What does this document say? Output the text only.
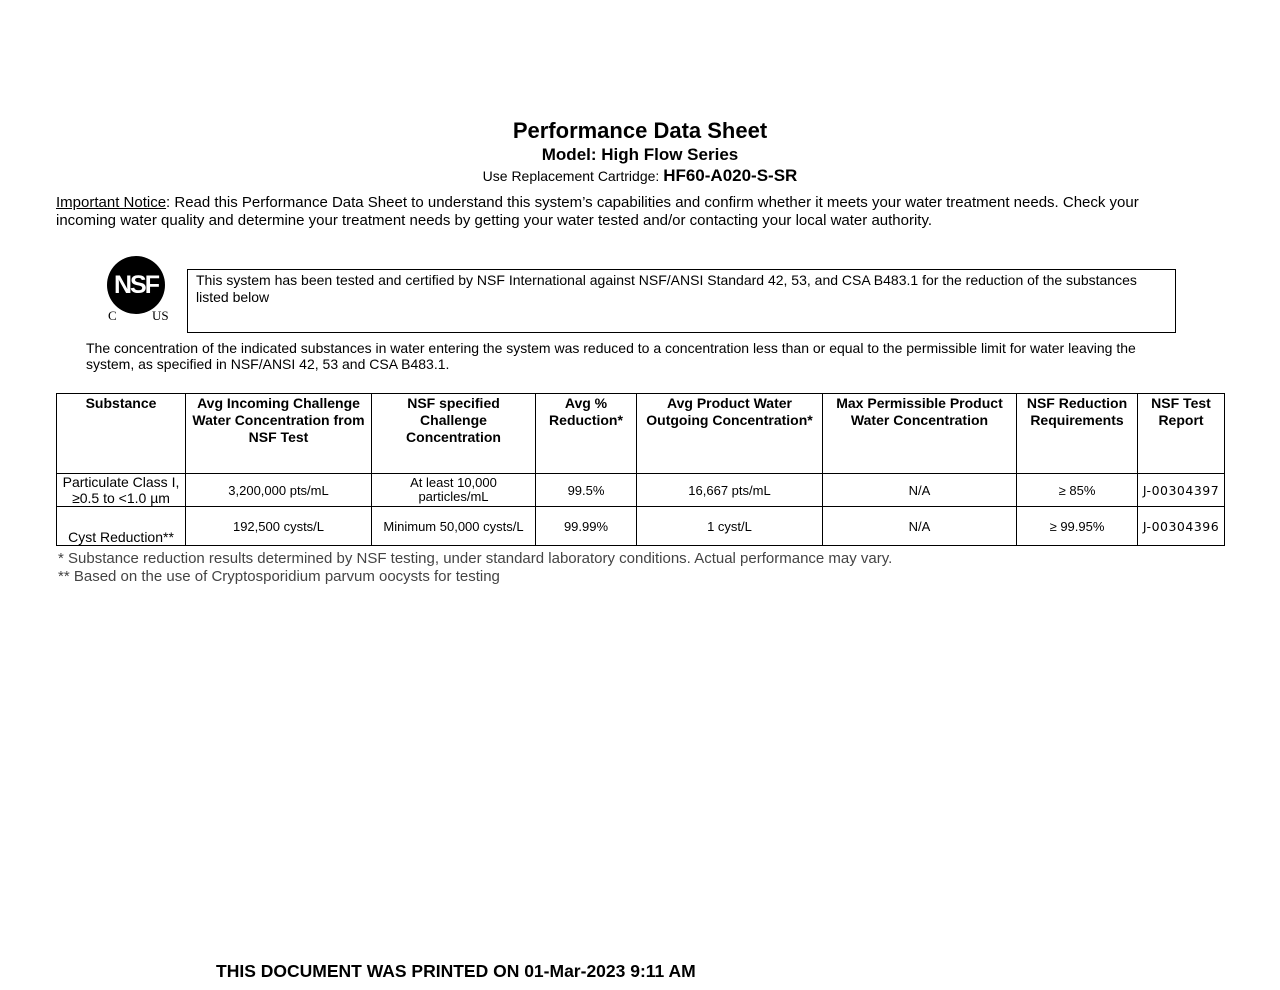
Performance Data Sheet
Model: High Flow Series
Use Replacement Cartridge: HF60-A020-S-SR
Important Notice: Read this Performance Data Sheet to understand this system’s capabilities and confirm whether it meets your water treatment needs. Check your incoming water quality and determine your treatment needs by getting your water tested and/or contacting your local water authority.
NSF
C	US
This system has been tested and certified by NSF International against NSF/ANSI Standard 42, 53, and CSA B483.1 for the reduction of the substances listed below
The concentration of the indicated substances in water entering the system was reduced to a concentration less than or equal to the permissible limit for water leaving the system, as specified in NSF/ANSI 42, 53 and CSA B483.1.
Substance	Avg Incoming Challenge Water Concentration from NSF Test	NSF specified Challenge Concentration	Avg % Reduction*	Avg Product Water Outgoing Concentration*	Max Permissible Product Water Concentration	NSF Reduction Requirements	NSF Test Report
Particulate Class I, ≥0.5 to <1.0 µm	3,200,000 pts/mL	At least 10,000 particles/mL	99.5%	16,667 pts/mL	N/A	≥ 85%	J-00304397
Cyst Reduction**	192,500 cysts/L	Minimum 50,000 cysts/L	99.99%	1 cyst/L	N/A	≥ 99.95%	J-00304396
* Substance reduction results determined by NSF testing, under standard laboratory conditions. Actual performance may vary.
** Based on the use of Cryptosporidium parvum oocysts for testing
THIS DOCUMENT WAS PRINTED ON 01-Mar-2023 9:11 AM
